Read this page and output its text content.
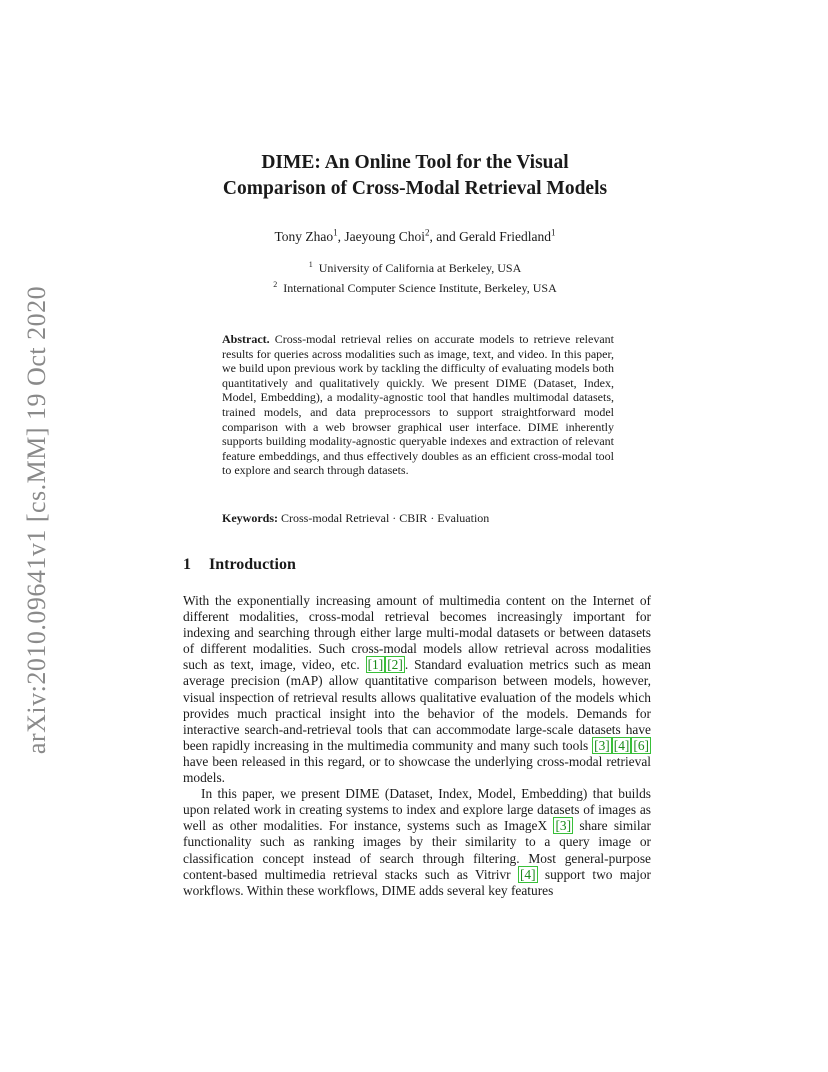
arXiv:2010.09641v1 [cs.MM] 19 Oct 2020
DIME: An Online Tool for the Visual
Comparison of Cross-Modal Retrieval Models
Tony Zhao$^1$, Jaeyoung Choi$^2$, and Gerald Friedland$^1$
$^1$ University of California at Berkeley, USA
$^2$ International Computer Science Institute, Berkeley, USA
Abstract. Cross-modal retrieval relies on accurate models to retrieve relevant results for queries across modalities such as image, text, and video. In this paper, we build upon previous work by tackling the difficulty of evaluating models both quantitatively and qualitatively quickly. We present DIME (Dataset, Index, Model, Embedding), a modality-agnostic tool that handles multimodal datasets, trained models, and data preprocessors to support straightforward model comparison with a web browser graphical user interface. DIME inherently supports building modality-agnostic queryable indexes and extraction of relevant feature embeddings, and thus effectively doubles as an efficient cross-modal tool to explore and search through datasets.
Keywords: Cross-modal Retrieval · CBIR · Evaluation
1 Introduction

With the exponentially increasing amount of multimedia content on the Internet of different modalities, cross-modal retrieval becomes increasingly important for indexing and searching through either large multi-modal datasets or between datasets of different modalities. Such cross-modal models allow retrieval across modalities such as text, image, video, etc. [1] [2] . Standard evaluation metrics such as mean average precision (mAP) allow quantitative comparison between models, however, visual inspection of retrieval results allows qualitative evaluation of the models which provides much practical insight into the behavior of the models. Demands for interactive search-and-retrieval tools that can accommodate large-scale datasets have been rapidly increasing in the multimedia community and many such tools [3] [4] [6] have been released in this regard, or to showcase the underlying cross-modal retrieval models.

In this paper, we present DIME (Dataset, Index, Model, Embedding) that builds upon related work in creating systems to index and explore large datasets of images as well as other modalities. For instance, systems such as ImageX [3] share similar functionality such as ranking images by their similarity to a query image or classification concept instead of search through filtering. Most general-purpose content-based multimedia retrieval stacks such as Vitrivr [4] support two major workflows. Within these workflows, DIME adds several key features
